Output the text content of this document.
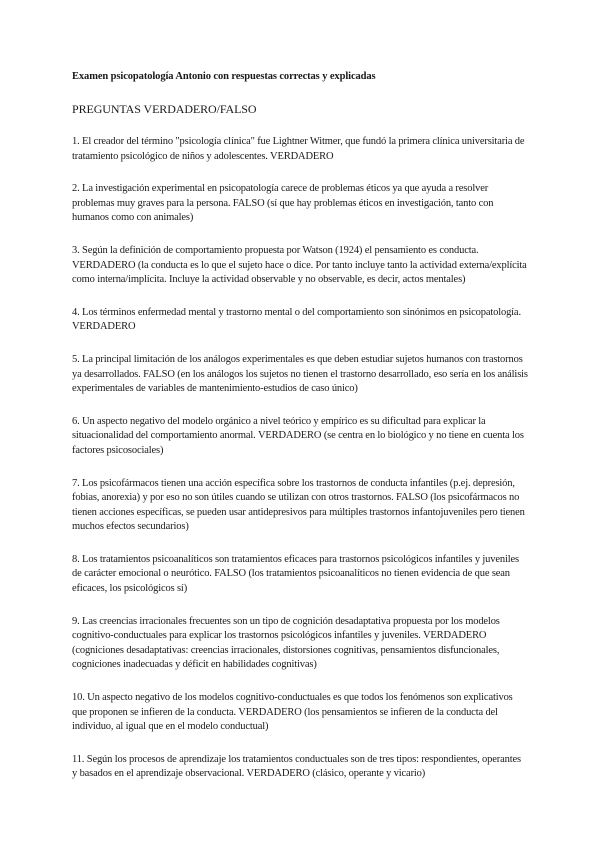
Examen psicopatología Antonio con respuestas correctas y explicadas
PREGUNTAS VERDADERO/FALSO

1. El creador del término "psicología clínica" fue Lightner Witmer, que fundó la primera clínica universitaria de tratamiento psicológico de niños y adolescentes. VERDADERO

2. La investigación experimental en psicopatología carece de problemas éticos ya que ayuda a resolver problemas muy graves para la persona. FALSO (sí que hay problemas éticos en investigación, tanto con humanos como con animales)

3. Según la definición de comportamiento propuesta por Watson (1924) el pensamiento es conducta. VERDADERO (la conducta es lo que el sujeto hace o dice. Por tanto incluye tanto la actividad externa/explícita como interna/implícita. Incluye la actividad observable y no observable, es decir, actos mentales)

4. Los términos enfermedad mental y trastorno mental o del comportamiento son sinónimos en psicopatología. VERDADERO

5. La principal limitación de los análogos experimentales es que deben estudiar sujetos humanos con trastornos ya desarrollados. FALSO (en los análogos los sujetos no tienen el trastorno desarrollado, eso sería en los análisis experimentales de variables de mantenimiento-estudios de caso único)

6. Un aspecto negativo del modelo orgánico a nivel teórico y empírico es su dificultad para explicar la situacionalidad del comportamiento anormal. VERDADERO (se centra en lo biológico y no tiene en cuenta los factores psicosociales)

7. Los psicofármacos tienen una acción específica sobre los trastornos de conducta infantiles (p.ej. depresión, fobias, anorexia) y por eso no son útiles cuando se utilizan con otros trastornos. FALSO (los psicofármacos no tienen acciones específicas, se pueden usar antidepresivos para múltiples trastornos infantojuveniles pero tienen muchos efectos secundarios)

8. Los tratamientos psicoanalíticos son tratamientos eficaces para trastornos psicológicos infantiles y juveniles de carácter emocional o neurótico. FALSO (los tratamientos psicoanalíticos no tienen evidencia de que sean eficaces, los psicológicos sí)

9. Las creencias irracionales frecuentes son un tipo de cognición desadaptativa propuesta por los modelos cognitivo-conductuales para explicar los trastornos psicológicos infantiles y juveniles. VERDADERO (cogniciones desadaptativas: creencias irracionales, distorsiones cognitivas, pensamientos disfuncionales, cogniciones inadecuadas y déficit en habilidades cognitivas)

10. Un aspecto negativo de los modelos cognitivo-conductuales es que todos los fenómenos son explicativos que proponen se infieren de la conducta. VERDADERO (los pensamientos se infieren de la conducta del individuo, al igual que en el modelo conductual)

11. Según los procesos de aprendizaje los tratamientos conductuales son de tres tipos: respondientes, operantes y basados en el aprendizaje observacional. VERDADERO (clásico, operante y vicario)
